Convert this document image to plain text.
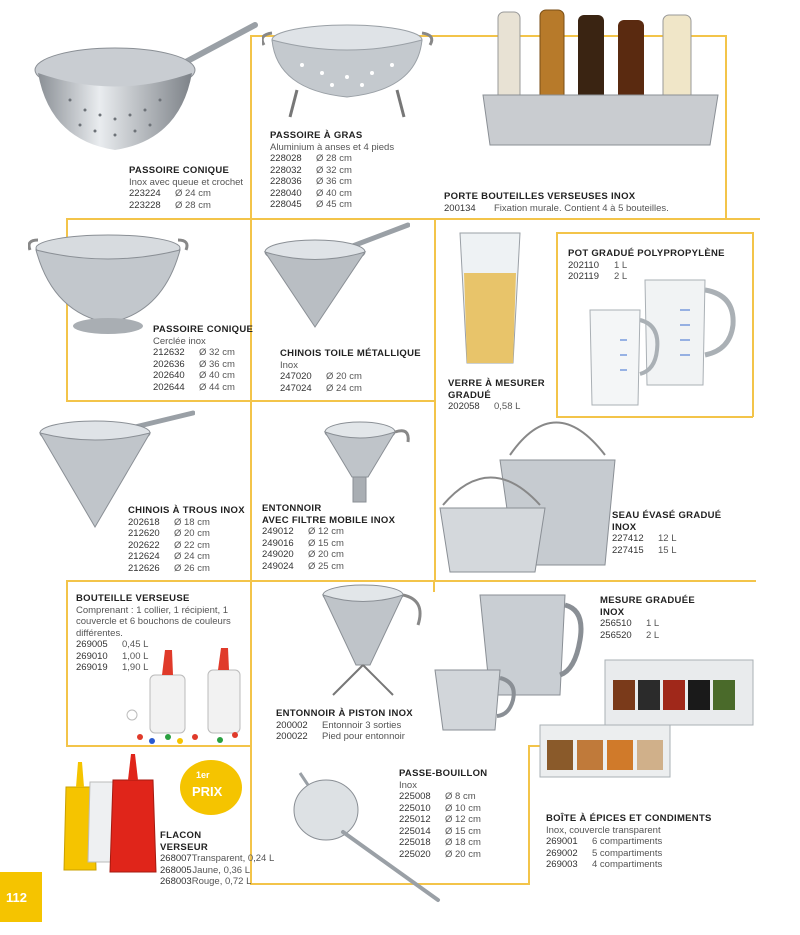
1er
PRIX
PASSOIRE CONIQUE
Inox avec queue et crochet
223224	Ø 24 cm
223228	Ø 28 cm
PASSOIRE À GRAS
Aluminium à anses et 4 pieds
228028	Ø 28 cm
228032	Ø 32 cm
228036	Ø 36 cm
228040	Ø 40 cm
228045	Ø 45 cm
PORTE BOUTEILLES VERSEUSES INOX
200134	Fixation murale. Contient 4 à 5 bouteilles.
PASSOIRE CONIQUE
Cerclée inox
212632	Ø 32 cm
202636	Ø 36 cm
202640	Ø 40 cm
202644	Ø 44 cm
CHINOIS TOILE MÉTALLIQUE
Inox
247020	Ø 20 cm
247024	Ø 24 cm	VERRE À MESURER GRADUÉ
202058	0,58 L
POT GRADUÉ POLYPROPYLÈNE
202110	1 L
202119	2 L
CHINOIS À TROUS INOX
202618	Ø 18 cm
212620	Ø 20 cm
202622	Ø 22 cm
212624	Ø 24 cm
212626	Ø 26 cm
ENTONNOIR
AVEC FILTRE MOBILE INOX
249012	Ø 12 cm
249016	Ø 15 cm
249020	Ø 20 cm
249024	Ø 25 cm
SEAU ÉVASÉ GRADUÉ
INOX
227412	12 L
227415	15 L
BOUTEILLE VERSEUSE
Comprenant : 1 collier, 1 récipient, 1 couvercle et 6 bouchons de couleurs différentes.
269005	0,45 L
269010	1,00 L
269019	1,90 L
ENTONNOIR À PISTON INOX
200002	Entonnoir 3 sorties
200022	Pied pour entonnoir
MESURE GRADUÉE
INOX
256510	1 L
256520	2 L
FLACON VERSEUR
268007 Transparent, 0,24 L
268005 Jaune, 0,36 L
268003 Rouge, 0,72 L
PASSE-BOUILLON
Inox
225008	Ø 8 cm
225010	Ø 10 cm
225012	Ø 12 cm
225014	Ø 15 cm
225018	Ø 18 cm
225020	Ø 20 cm
BOÎTE À ÉPICES ET CONDIMENTS
Inox, couvercle transparent
269001	6 compartiments
269002	5 compartiments
269003	4 compartiments
112
